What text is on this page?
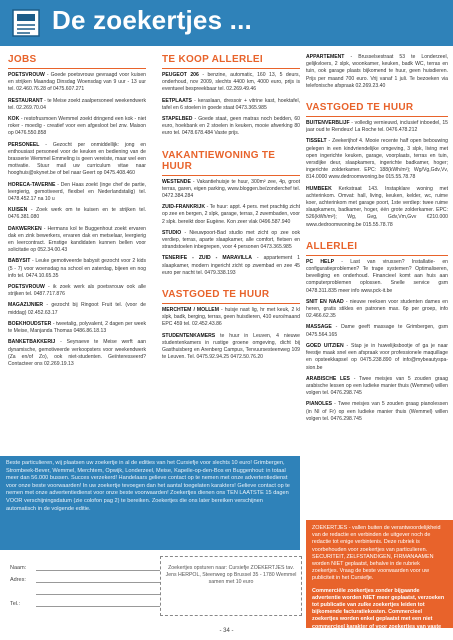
De zoekertjes ...
JOBS

POETSVROUW - Goede poetsvrouw gevraagd voor kuisen en strijken Maandag Dinsdag Woensdag van 9 uur - 13 uur tel. 02.460.76.28 of 0475.607.271

RESTAURANT - te Meise zoekt zaalpersoneel weekendwerk tel. 02.269.70.04

KOK - restofrusmoen Wemmel zoekt dringend een kok - niet roker - moedig - creatief voor een afgesloot bel zrw. Maison op 0476.550.858

PERSONEEL - Gezocht per onmiddellijk: jong en enthousiast personeel voor de keuken en bediening van de brasserie Wemmel Emmeling is geen vereiste, maar wel een motivatie. Stuur mail uw curriculum vitae naar hooghuis@skynet.be of bel naar Geert op 0475.408.460

HORECA-TAVERNE - Den Haas zoekt (inge chef de partie, leergierig, gemotiveerd, flexibel en Nederlandstalig) tel. 0478.452.17 na 10 u

KUISEN - Zoek werk om te kuisen en te strijken tel. 0476.381.080

DAKWERKEN - Hermans kol te Buggenhout zoekt ervaren dak en zink bewerkers, ervaren dak en metselaar, leergierig en leercontract. Ernstige kandidaten kunnen bellen voor solicitatie op 052.34.00.43

BABYSIT - Leuke gemotiveerde babysit gezocht voor 2 kids (5 - 7) voor woensdag na school en zaterdag, bijeen en nog info tel. 0474.10.65.35

POETSVROUW - ik zoek werk als poetsvrouw ook alle strijken tel. 0487.717.876

MAGAZIJNIER - gezocht bij Ringoot Fruit tel. (voor de middag) 02.452.63.17

BOEKHOUDSTER - tweetalig, polyvalent, 2 dagen per week te Meise, Manjanda Thomas 0486.86.18.13

BANKETBAKKERIJ - Seynaeve te Meise werft aan dynamische, gemotiveerde verkoopsters voor weekendwerk (Za en/of Zo), ook niet-studenten. Geïnteresseerd? Contacteer ons 02.269.19.13

TE KOOP ALLERLEI

PEUGEOT 206 - benzine, automatic, 160 13, 5 deurs, onderhoud, nov 2009, slechts 4400 km, 4000 euro, prijs is eventueel bespreekbaar tel. 02.269.49.46

EETPLAATS - keraslaan, dressoir + vitrine kast, hoektafel, tafel en 6 stoelen in goede staat 0473.365.985

STAPELBED - Goede staat, geen matras noch bedden, 60 euro, hoekbank en 2 stoelen in keuken, mooie afwerking 80 euro tel. 0478.678.484 Vaste prijs.

VAKANTIEWONING TE HUUR

WESTENDE - Vakantiehuisje te huur, 300m² zee, 4p, groot terras, garen, eigen parking, www.bloggen.be/zonderchef tel. 0472.384.284

ZUID-FRANKRIJK - Te huur: appt. 4 pers. met prachtig zicht op zee en bergen, 2 slpk, garage, terras, 2 zwembaden, voor 2 slpk. bereikt door Eugène. Kon zeer vlak 0496.587.940

STUDIO - Nieuwpoort-Bad studio met zicht op zee ook verdiep, terras, aparte slaapkamer, alle comfort, fietsen en strandstoelen inbegrepen, voor 4 personen 0473.365.985

TENERIFE - ZUID - MARAVILLA - appartement 1 slaapkamer, modern ingericht zicht op zwembad en zee 45 euro per nacht tel. 0479.338.193

VASTGOED TE HUUR

MERCHTEM / MOLLEM - huisje nast lig, hr met keuk, 2 kl slpk, badk, berging, terras, geen huisdieren, 410 euro/maand EPC 459 tel. 02.452.43.86

STUDENTENKAMERS te huur in Leuven, 4 nieuwe studentenkamers in rustige groene omgeving, dicht bij Gasthuisberg en Arenberg Campus, Tervuursesteenweg 109 te Leuven. Tel. 0475.92.94.25 0472.50.76.20

APPARTEMENT - Brusselsestraat 53 te Londerzeel, gelijkvloers, 2 slpk, woonkamer, keuken, badk WC, terras en tuin, ook garage plaats bijkomend te huur, geen huisdieren. Prijs per maand 700 euro. Vrij vanaf 1 juli. Te bezoeken via telefonische afspraak 02.269.23.40

VASTGOED TE HUUR

BUITENVERBLIJF - volledig vernieuwd, inclusief inboedel, 15 jaar oud te Rendeux! La Roche tel. 0476.478.212

TISSELT - Zeekerijhof 4. Mooie recente half open bebouwing gelegen in een kindvriendelijke omgeving, 3 slpk, living met open ingerichte keuken, garage, voorplaats, terras en tuin, versdijke deur, slaapkamers, ingerichte badkamer, hoger; ingerichte zolderkamer. EPC: 188(kWh/m²); Wg/Vg,Gdv,Vv, 814.0000 www.dedroomwoning.be 015.55.78.78

HUMBEEK Kerkstraat 143. Instapklare woning met achterinkom. Omvat: hall, living, keuken, kelder, wc, ruime koer, achterinkom met garage poort, 1ste verdiep: twee ruime slaapkamers, badkamer, hoger, één grote zolderkamer. EPC: 526(kWh/m²); Wg, Gvg, Gdv,Vm,Gvv €210.000 www.dedroomwoning.be 015.55.78.78

ALLERLEI

PC HELP - Last van virussen? Installatie- en configuratieproblemen? Te trage systemen? Optimaliseren, beveiliging en onderhoud. Financieel komt aan huis aan computerproblemen oplossen. Snelle service gsm 0478.311.835 meer info www.pck-it.be

SNIT EN NAAD - nieuwe reeksen voor studenten dames en heren, gratis stikles en patronen max. 6p per groep, info 02.466.62.35

MASSAGE - Dame geeft massage te Grimbergen, gsm 0475.564.165

GOED UITZIEN - Stap je in huwelijksbootje of ga je naar feestje maak snel een afspraak voor professionele maquillage en opsteekkapsel op 0475.238.890 of info@mybeautyspa-sion.be

ARABISCHE LES - Twee meisjes van 5 zouden graag arabische lessen op een ludieke manier thuis (Wemmel) willen volgen tel. 0476.298.745

PIANOLES - Twee meisjes van 5 zouden graag pianolessen (in NI of Fr) op een ludieke manier thuis (Wemmel) willen volgen tel. 0476.298.745

Beste particulieren, wij plaatsen uw zoekertje in al de edities van het Cursiefje voor slechts 10 euro! Grimbergen, Strombeek-Bever, Wemmel, Merchtem, Opwijk, Londerzeel, Meise, Kapelle-op-den-Bos en Buggenhout: in totaal meer dan 56.000 bussen. Succes verzekerd! Handelaars gelieve contact op te nemen met onze advertentiedienst voor onze beste voorwaarden! In uw zoekertje tevoegen dan het aantal toegelaten karakters! Gelieve contact op te nemen met onze advertentiedienst voor onze beste voorwaarden! Zoekertjes dienen ons TEN LAATSTE 15 dagen VOOR verschijningsdatum (zie colofon pag 2) te bereiken. Zoekertjes die ons later bereiken verschijnen automatisch in de volgende editie.

Naam:
Adres:
Tel.:

Zoekertjes opsturen naar: Cursiefje ZOEKERTJES tav. Jens HERPOL, Steenweg op Brussel 35 - 1780 Wemmel samen met 10 euro

ZOEKERTJES - vallen buiten de verantwoordelijkheid van de redactie en verbinden de uitgever noch de redactie tot enige verbintenis. Deze rubriek is voorbehouden voor zoekertjes van particulieren. SECURITEIT, ZELFSTANDIGEN, FIRMANAAMEN worden NIET geplaatst, behalve in de rubriek zoekertjes. Vraag de beste voorwaarden voor uw publiciteit in het Cursiefje.

Commerciële zoekertjes zonder bijgaande advertentie worden NIET meer geplaatst, verzoeken tot publicatie van zulke zoekertjes leiden tot bijkomende facturatiekosten. Commercieel zoekertjes worden enkel geplaatst met een niet commercieel karakter of voor zoekertjes van vaste adverteerders.

- 34 -
